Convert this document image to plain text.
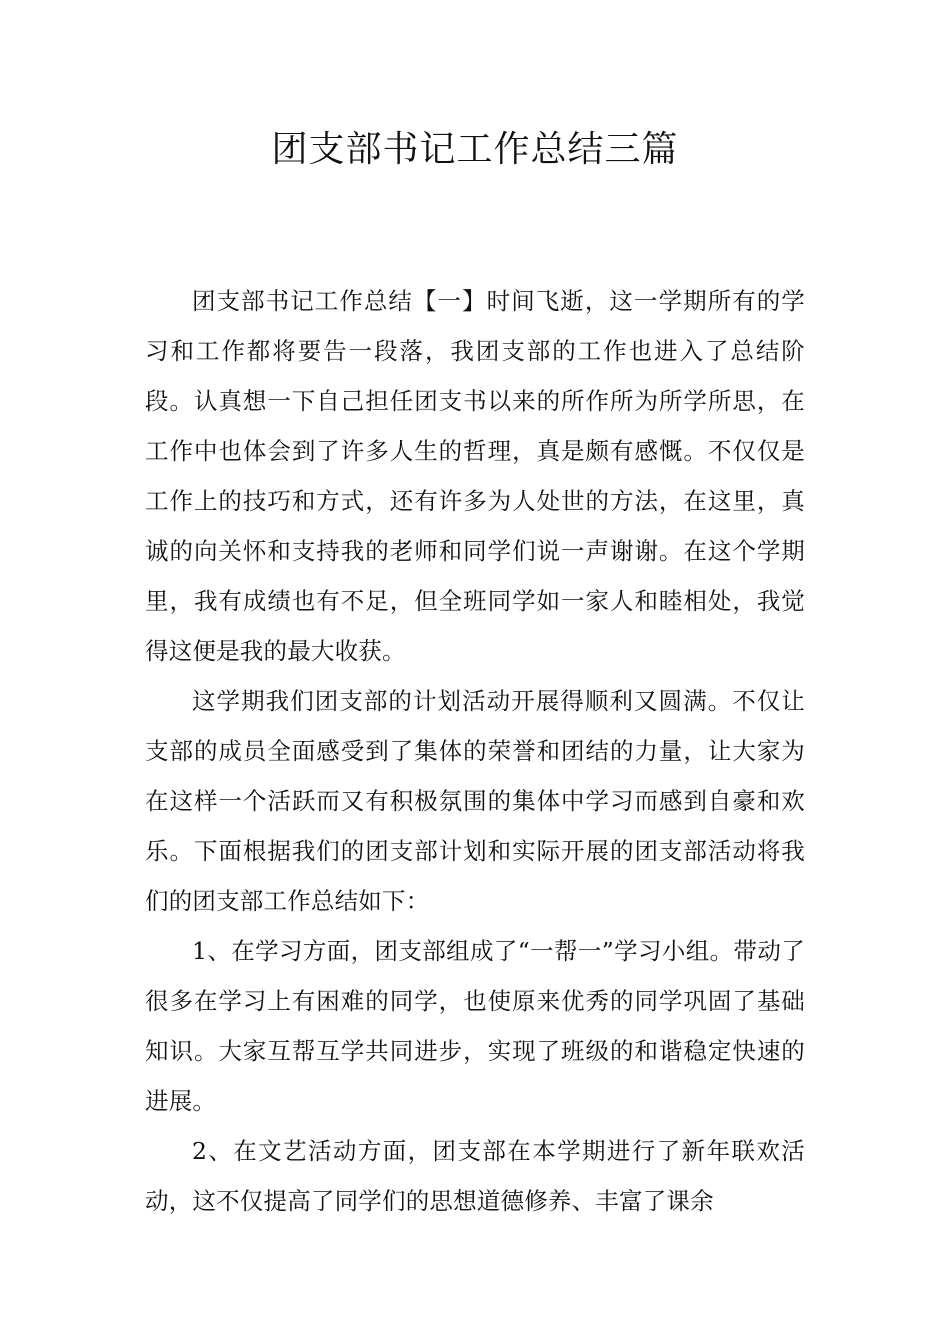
团支部书记工作总结三篇

团支部书记工作总结【一】时间飞逝，这一学期所有的学习和工作都将要告一段落，我团支部的工作也进入了总结阶段。认真想一下自己担任团支书以来的所作所为所学所思，在工作中也体会到了许多人生的哲理，真是颇有感慨。不仅仅是工作上的技巧和方式，还有许多为人处世的方法，在这里，真诚的向关怀和支持我的老师和同学们说一声谢谢。在这个学期里，我有成绩也有不足，但全班同学如一家人和睦相处，我觉得这便是我的最大收获。

这学期我们团支部的计划活动开展得顺利又圆满。不仅让支部的成员全面感受到了集体的荣誉和团结的力量，让大家为在这样一个活跃而又有积极氛围的集体中学习而感到自豪和欢乐。下面根据我们的团支部计划和实际开展的团支部活动将我们的团支部工作总结如下：

1、在学习方面，团支部组成了“一帮一”学习小组。带动了很多在学习上有困难的同学，也使原来优秀的同学巩固了基础知识。大家互帮互学共同进步，实现了班级的和谐稳定快速的进展。

2、在文艺活动方面，团支部在本学期进行了新年联欢活动，这不仅提高了同学们的思想道德修养、丰富了课余
